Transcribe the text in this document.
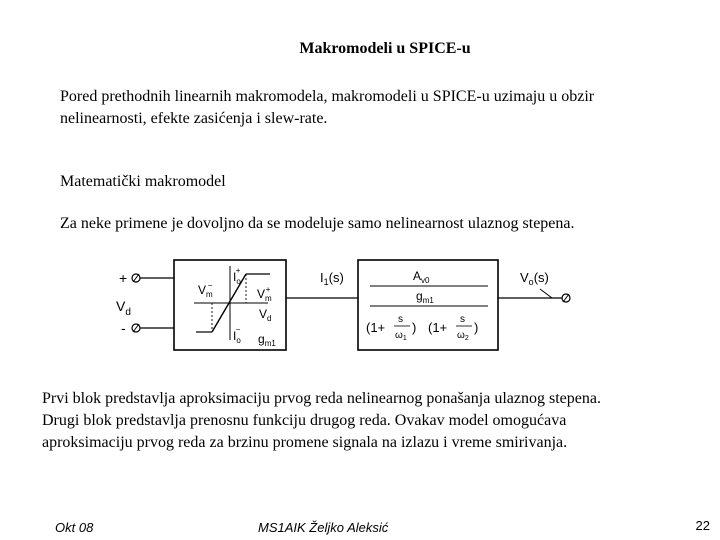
Makromodeli u SPICE-u

Pored prethodnih linearnih makromodela, makromodeli u SPICE-u uzimaju u obzir

nelinearnosti, efekte zasićenja i slew-rate.

Matematički makromodel

Za neke primene je dovoljno da se modeluje samo nelinearnost ulaznog stepena.

+
$V_d$
-
$V_m-$
$I_o+$
$V_m+$
$V_d$
$I_o-$
$g_{m1}$
$I_1(s)$	$A_{v0}$
$g_{m1}$
(1+
s
$\omega_1$
) (1+
s
$\omega_2$
)
$V_o(s)$

Prvi blok predstavlja aproksimaciju prvog reda nelinearnog ponašanja ulaznog stepena.

Drugi blok predstavlja prenosnu funkciju drugog reda. Ovakav model omogućava

aproksimaciju prvog reda za brzinu promene signala na izlazu i vreme smirivanja.

Okt 08	MS1AIK Željko Aleksić	22
